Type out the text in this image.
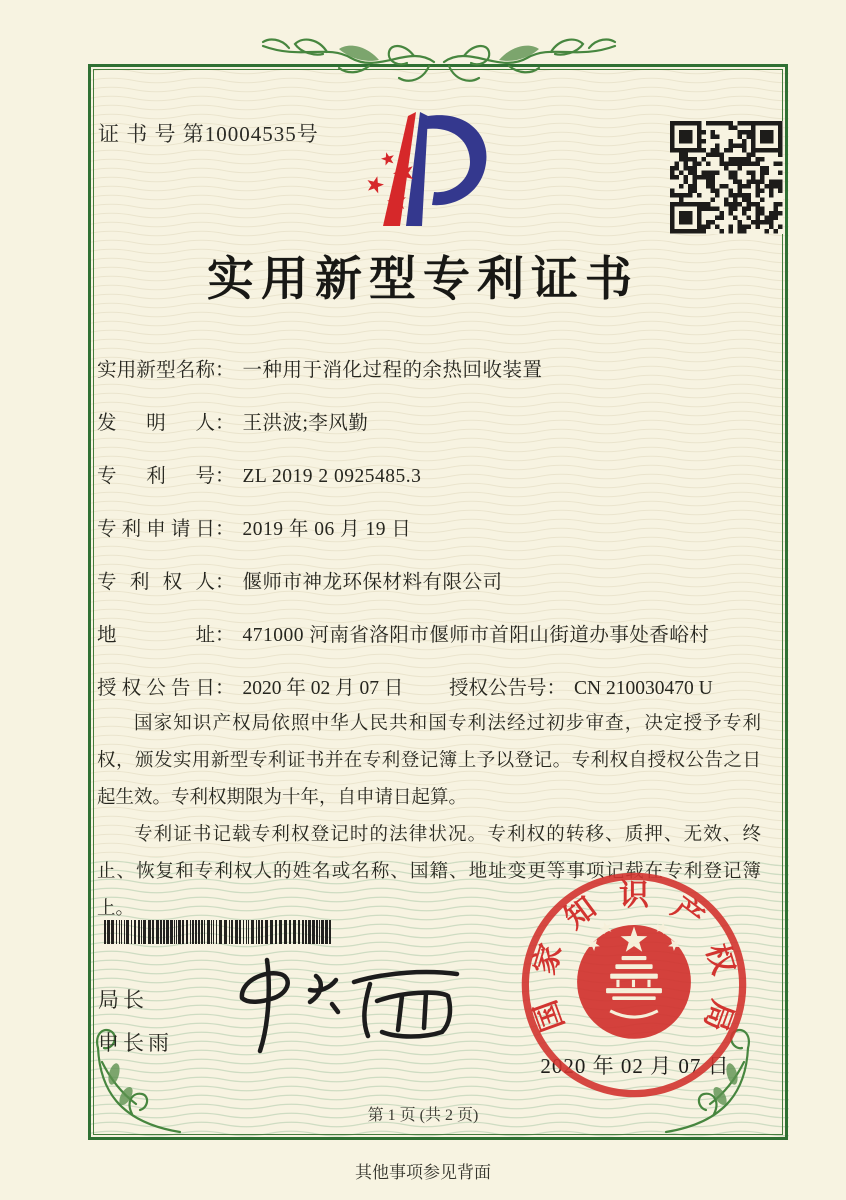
证 书 号 第10004535号
实用新型专利证书
实用新型名称 ： 一种用于消化过程的余热回收装置
发明人 ： 王洪波;李风勤
专利号 ： ZL 2019 2 0925485.3
专利申请日 ： 2019 年 06 月 19 日
专利权人 ： 偃师市神龙环保材料有限公司
地址 ： 471000 河南省洛阳市偃师市首阳山街道办事处香峪村
授权公告日 ： 2020 年 02 月 07 日 授权公告号 ： CN 210030470 U

国家知识产权局依照中华人民共和国专利法经过初步审查，决定授予专利权，颁发实用新型专利证书并在专利登记簿上予以登记。专利权自授权公告之日起生效。专利权期限为十年，自申请日起算。

专利证书记载专利权登记时的法律状况。专利权的转移、质押、无效、终止、恢复和专利权人的姓名或名称、国籍、地址变更等事项记载在专利登记簿上。

局长
申长雨
2020 年 02 月 07 日
国
家
知 识 产
权
局
第 1 页 (共 2 页)
其他事项参见背面
